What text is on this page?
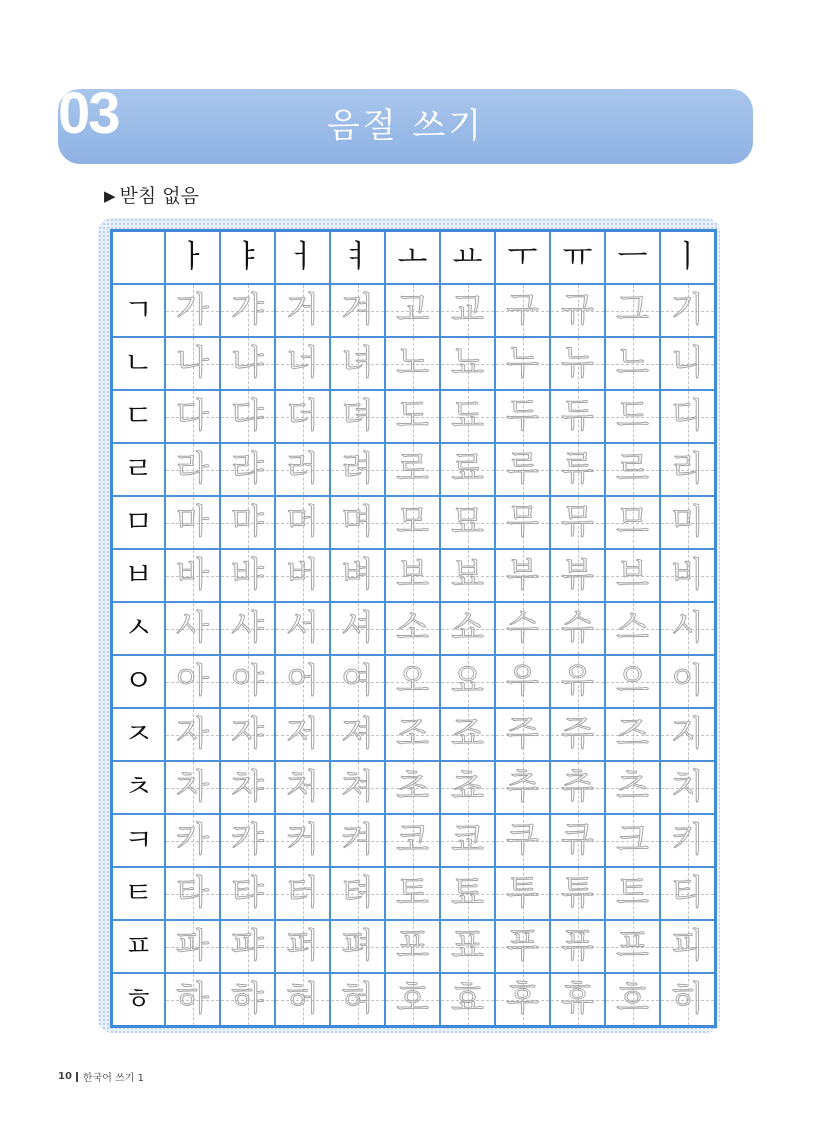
03	음절 쓰기
▶ 받침 없음
	ㅏ	ㅑ	ㅓ	ㅕ	ㅗ	ㅛ	ㅜ	ㅠ	ㅡ	ㅣ
ㄱ	가	갸	거	겨	고	교	구	규	그	기
ㄴ	나	냐	너	녀	노	뇨	누	뉴	느	니
ㄷ	다	댜	더	뎌	도	됴	두	듀	드	디
ㄹ	라	랴	러	려	로	료	루	류	르	리
ㅁ	마	먀	머	며	모	묘	무	뮤	므	미
ㅂ	바	뱌	버	벼	보	뵤	부	뷰	브	비
ㅅ	사	샤	서	셔	소	쇼	수	슈	스	시
ㅇ	아	야	어	여	오	요	우	유	으	이
ㅈ	자	쟈	저	져	조	죠	주	쥬	즈	지
ㅊ	차	챠	처	쳐	초	쵸	추	츄	츠	치
ㅋ	카	캬	커	켜	코	쿄	쿠	큐	크	키
ㅌ	타	탸	터	텨	토	툐	투	튜	트	티
ㅍ	파	퍄	퍼	펴	포	표	푸	퓨	프	피
ㅎ	하	햐	허	혀	호	효	후	휴	흐	히
10 한국어 쓰기 1
